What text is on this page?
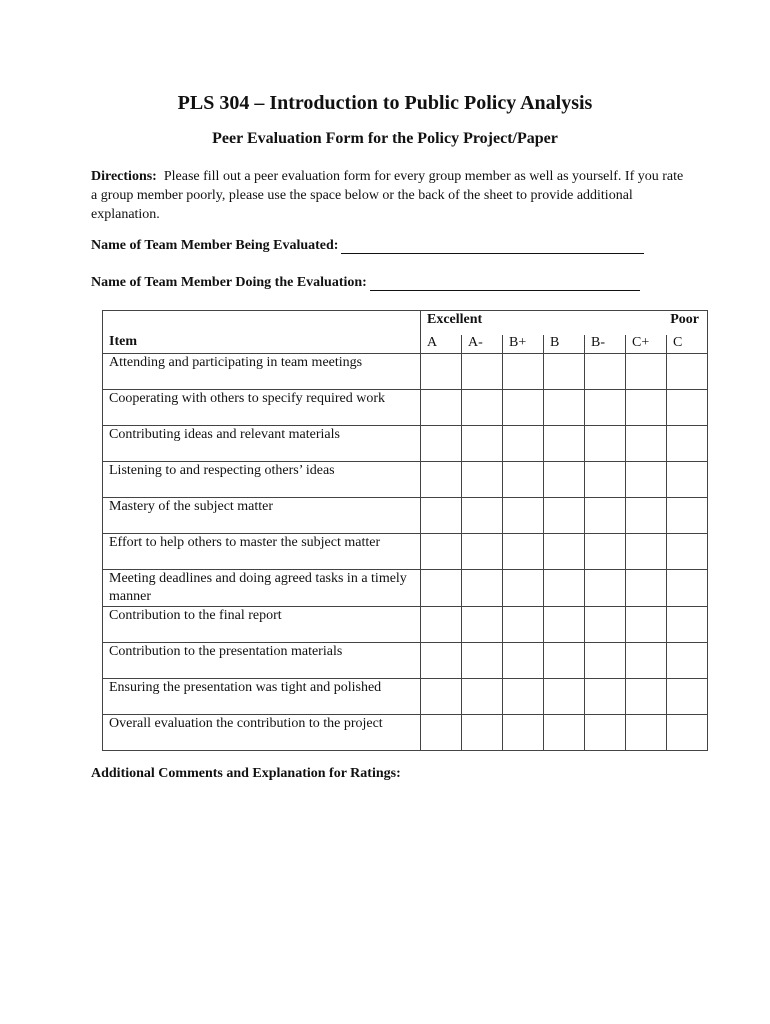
PLS 304 – Introduction to Public Policy Analysis
Peer Evaluation Form for the Policy Project/Paper
Directions: Please fill out a peer evaluation form for every group member as well as yourself. If you rate a group member poorly, please use the space below or the back of the sheet to provide additional explanation.
Name of Team Member Being Evaluated:
Name of Team Member Doing the Evaluation:
Item	Excellent Poor						

	A	A-	B+	B	B-	C+	C
Attending and participating in team meetings							
Cooperating with others to specify required work							
Contributing ideas and relevant materials							
Listening to and respecting others’ ideas							
Mastery of the subject matter							
Effort to help others to master the subject matter							
Meeting deadlines and doing agreed tasks in a timely manner							
Contribution to the final report							
Contribution to the presentation materials							
Ensuring the presentation was tight and polished							
Overall evaluation the contribution to the project							
Additional Comments and Explanation for Ratings:
